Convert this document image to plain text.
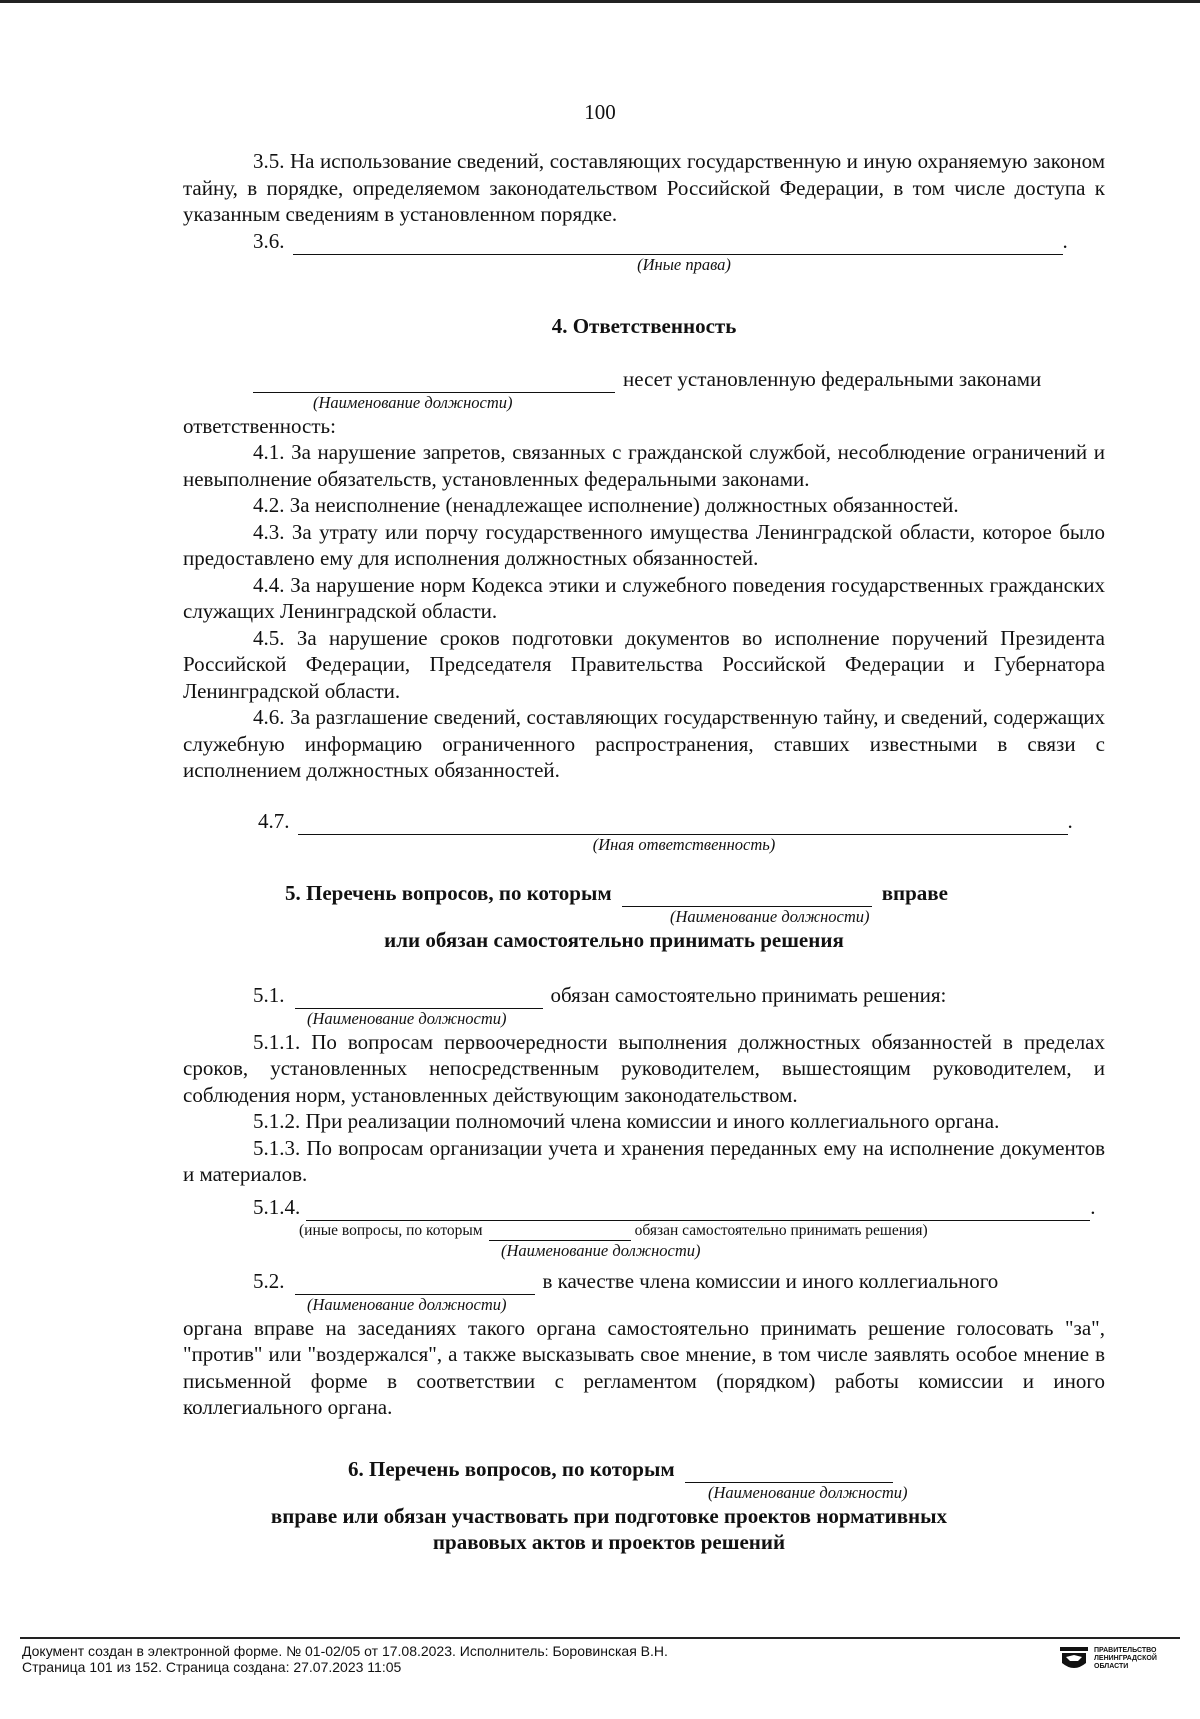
100

3.5. На использование сведений, составляющих государственную и иную охраняемую законом тайну, в порядке, определяемом законодательством Российской Федерации, в том числе доступа к указанным сведениям в установленном порядке.

3.6.	.
(Иные права)

4. Ответственность

несет установленную федеральными законами
(Наименование должности)

ответственность:

4.1. За нарушение запретов, связанных с гражданской службой, несоблюдение ограничений и невыполнение обязательств, установленных федеральными законами.

4.2. За неисполнение (ненадлежащее исполнение) должностных обязанностей.

4.3. За утрату или порчу государственного имущества Ленинградской области, которое было предоставлено ему для исполнения должностных обязанностей.

4.4. За нарушение норм Кодекса этики и служебного поведения государственных гражданских служащих Ленинградской области.

4.5. За нарушение сроков подготовки документов во исполнение поручений Президента Российской Федерации, Председателя Правительства Российской Федерации и Губернатора Ленинградской области.

4.6. За разглашение сведений, составляющих государственную тайну, и сведений, содержащих служебную информацию ограниченного распространения, ставших известными в связи с исполнением должностных обязанностей.

4.7.	.
(Иная ответственность)
5. Перечень вопросов, по которым	вправе
(Наименование должности)

или обязан самостоятельно принимать решения

5.1.	обязан самостоятельно принимать решения:
(Наименование должности)

5.1.1. По вопросам первоочередности выполнения должностных обязанностей в пределах сроков, установленных непосредственным руководителем, вышестоящим руководителем, и соблюдения норм, установленных действующим законодательством.

5.1.2. При реализации полномочий члена комиссии и иного коллегиального органа.

5.1.3. По вопросам организации учета и хранения переданных ему на исполнение документов и материалов.

5.1.4.	.
(иные вопросы, по которым	обязан самостоятельно принимать решения)
(Наименование должности)
5.2.	в качестве члена комиссии и иного коллегиального
(Наименование должности)

органа вправе на заседаниях такого органа самостоятельно принимать решение голосовать "за", "против" или "воздержался", а также высказывать свое мнение, в том числе заявлять особое мнение в письменной форме в соответствии с регламентом (порядком) работы комиссии и иного коллегиального органа.

6. Перечень вопросов, по которым
(Наименование должности)

вправе или обязан участвовать при подготовке проектов нормативных

правовых актов и проектов решений

Документ создан в электронной форме. № 01-02/05 от 17.08.2023. Исполнитель: Боровинская В.Н.
Страница 101 из 152. Страница создана: 27.07.2023 11:05
ПРАВИТЕЛЬСТВО
ЛЕНИНГРАДСКОЙ
ОБЛАСТИ
